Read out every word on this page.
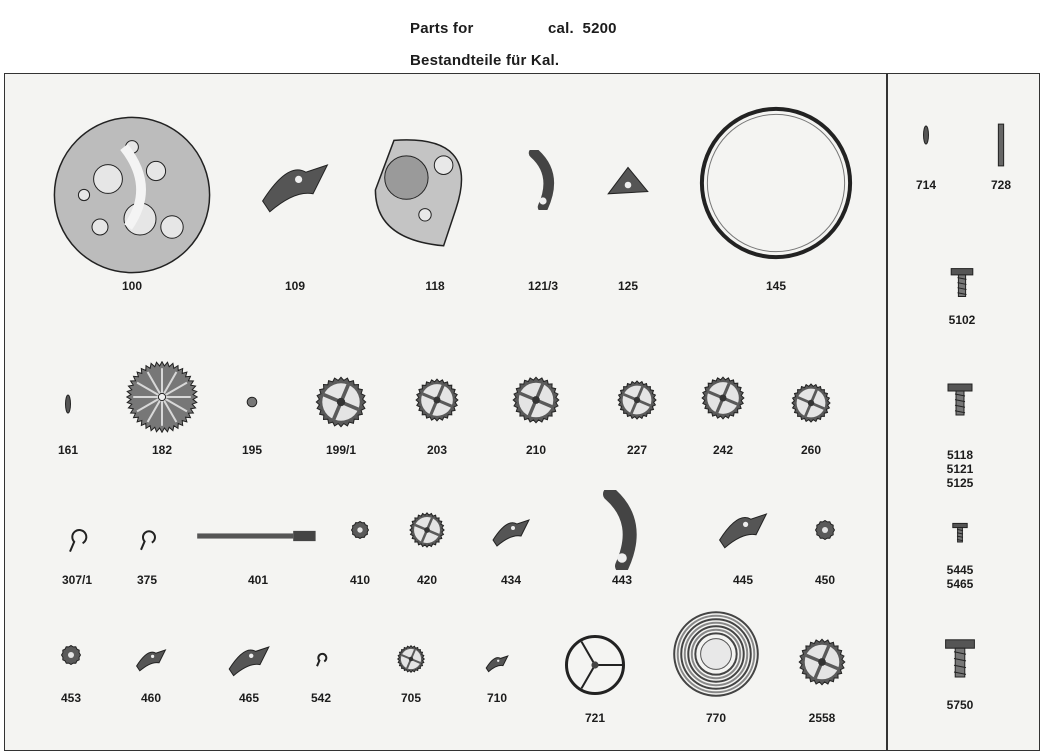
Parts for	cal.  5200
Bestandteile für Kal.
100	109	118	121/3	125	145
714	728
5102
161	182	195	199/1	203	210	227	242	260	5118
5121
5125
307/1	375	401	410	420	434	443	445	450
5445
5465
453	460	465	542	705	710
721	770	2558
5750
